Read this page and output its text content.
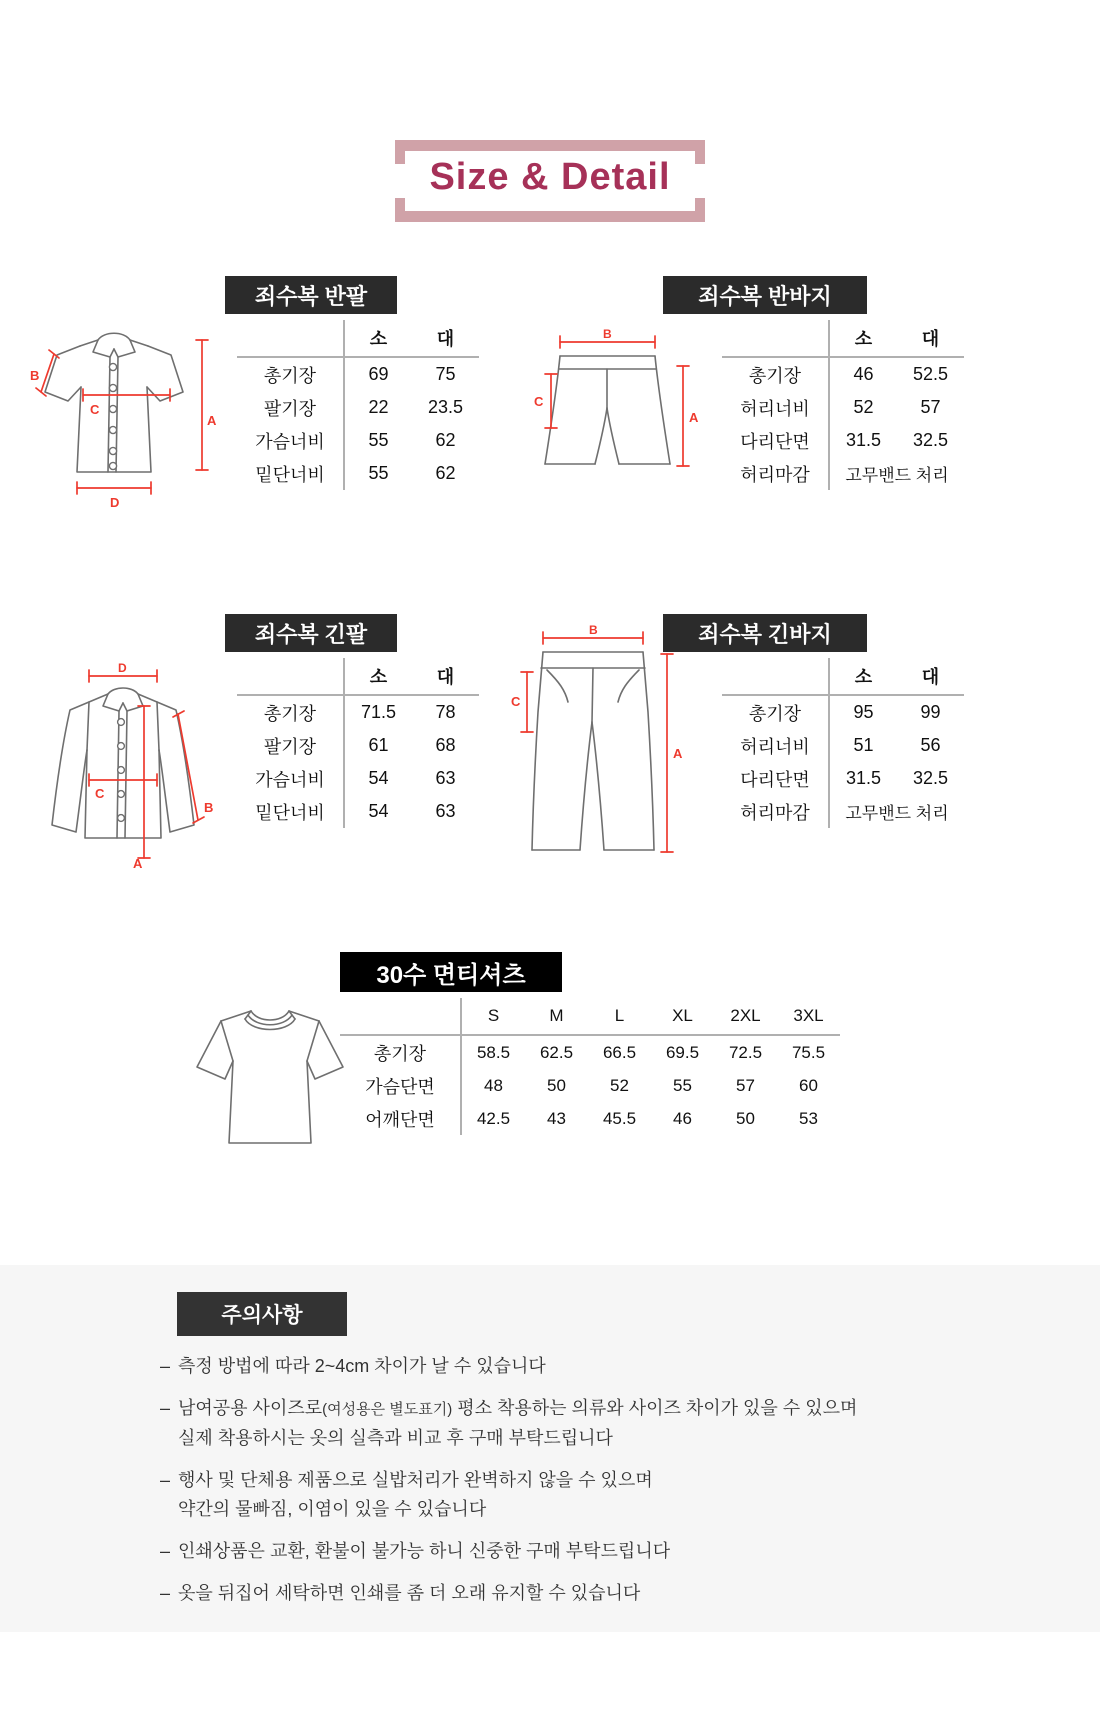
Size & Detail
A
B
C
D
죄수복 반팔
소	대
총기장	69	75
팔기장	22	23.5
가슴너비	55	62
밑단너비	55	62
B
C
A
죄수복 반바지
소	대
총기장	46	52.5
허리너비	52	57
다리단면	31.5	32.5
허리마감	고무밴드 처리
D
C
A
B
죄수복 긴팔
소	대
총기장	71.5	78
팔기장	61	68
가슴너비	54	63
밑단너비	54	63
B
C
A
죄수복 긴바지
소	대
총기장	95	99
허리너비	51	56
다리단면	31.5	32.5
허리마감	고무밴드 처리
30수 면티셔츠
S	M	L	XL	2XL	3XL
총기장	58.5	62.5	66.5	69.5	72.5	75.5
가슴단면	48	50	52	55	57	60
어깨단면	42.5	43	45.5	46	50	53
– 측정 방법에 따라 2~4cm 차이가 날 수 있습니다
– 남여공용 사이즈로(여성용은 별도표기) 평소 착용하는 의류와 사이즈 차이가 있을 수 있으며
실제 착용하시는 옷의 실측과 비교 후 구매 부탁드립니다
– 행사 및 단체용 제품으로 실밥처리가 완벽하지 않을 수 있으며
약간의 물빠짐, 이염이 있을 수 있습니다
– 인쇄상품은 교환, 환불이 불가능 하니 신중한 구매 부탁드립니다
– 옷을 뒤집어 세탁하면 인쇄를 좀 더 오래 유지할 수 있습니다
주의사항
